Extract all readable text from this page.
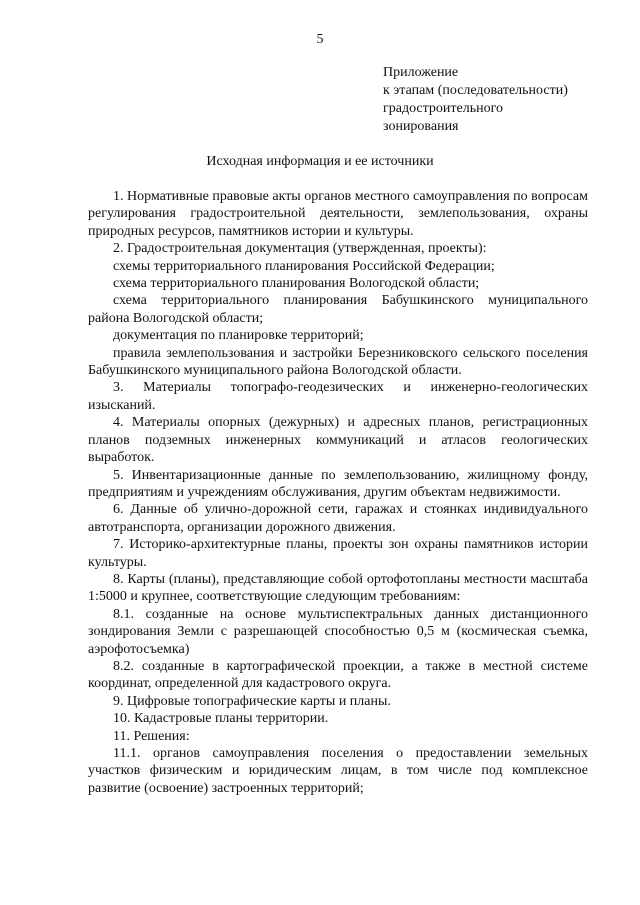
5
Приложение
к этапам (последовательности)
градостроительного
зонирования
Исходная информация и ее источники

1. Нормативные правовые акты органов местного самоуправления по вопросам регулирования градостроительной деятельности, землепользования, охраны природных ресурсов, памятников истории и культуры.

2. Градостроительная документация (утвержденная, проекты):

схемы территориального планирования Российской Федерации;

схема территориального планирования Вологодской области;

схема территориального планирования Бабушкинского муниципального района Вологодской области;

документация по планировке территорий;

правила землепользования и застройки Березниковского сельского поселения Бабушкинского муниципального района Вологодской области.

3. Материалы топографо-геодезических и инженерно-геологических изысканий.

4. Материалы опорных (дежурных) и адресных планов, регистрационных планов подземных инженерных коммуникаций и атласов геологических выработок.

5. Инвентаризационные данные по землепользованию, жилищному фонду, предприятиям и учреждениям обслуживания, другим объектам недвижимости.

6. Данные об улично-дорожной сети, гаражах и стоянках индивидуального автотранспорта, организации дорожного движения.

7. Историко-архитектурные планы, проекты зон охраны памятников истории культуры.

8. Карты (планы), представляющие собой ортофотопланы местности масштаба 1:5000 и крупнее, соответствующие следующим требованиям:

8.1. созданные на основе мультиспектральных данных дистанционного зондирования Земли с разрешающей способностью 0,5 м (космическая съемка, аэрофотосъемка)

8.2. созданные в картографической проекции, а также в местной системе координат, определенной для кадастрового округа.

9. Цифровые топографические карты и планы.

10. Кадастровые планы территории.

11. Решения:

11.1. органов самоуправления поселения о предоставлении земельных участков физическим и юридическим лицам, в том числе под комплексное развитие (освоение) застроенных территорий;
